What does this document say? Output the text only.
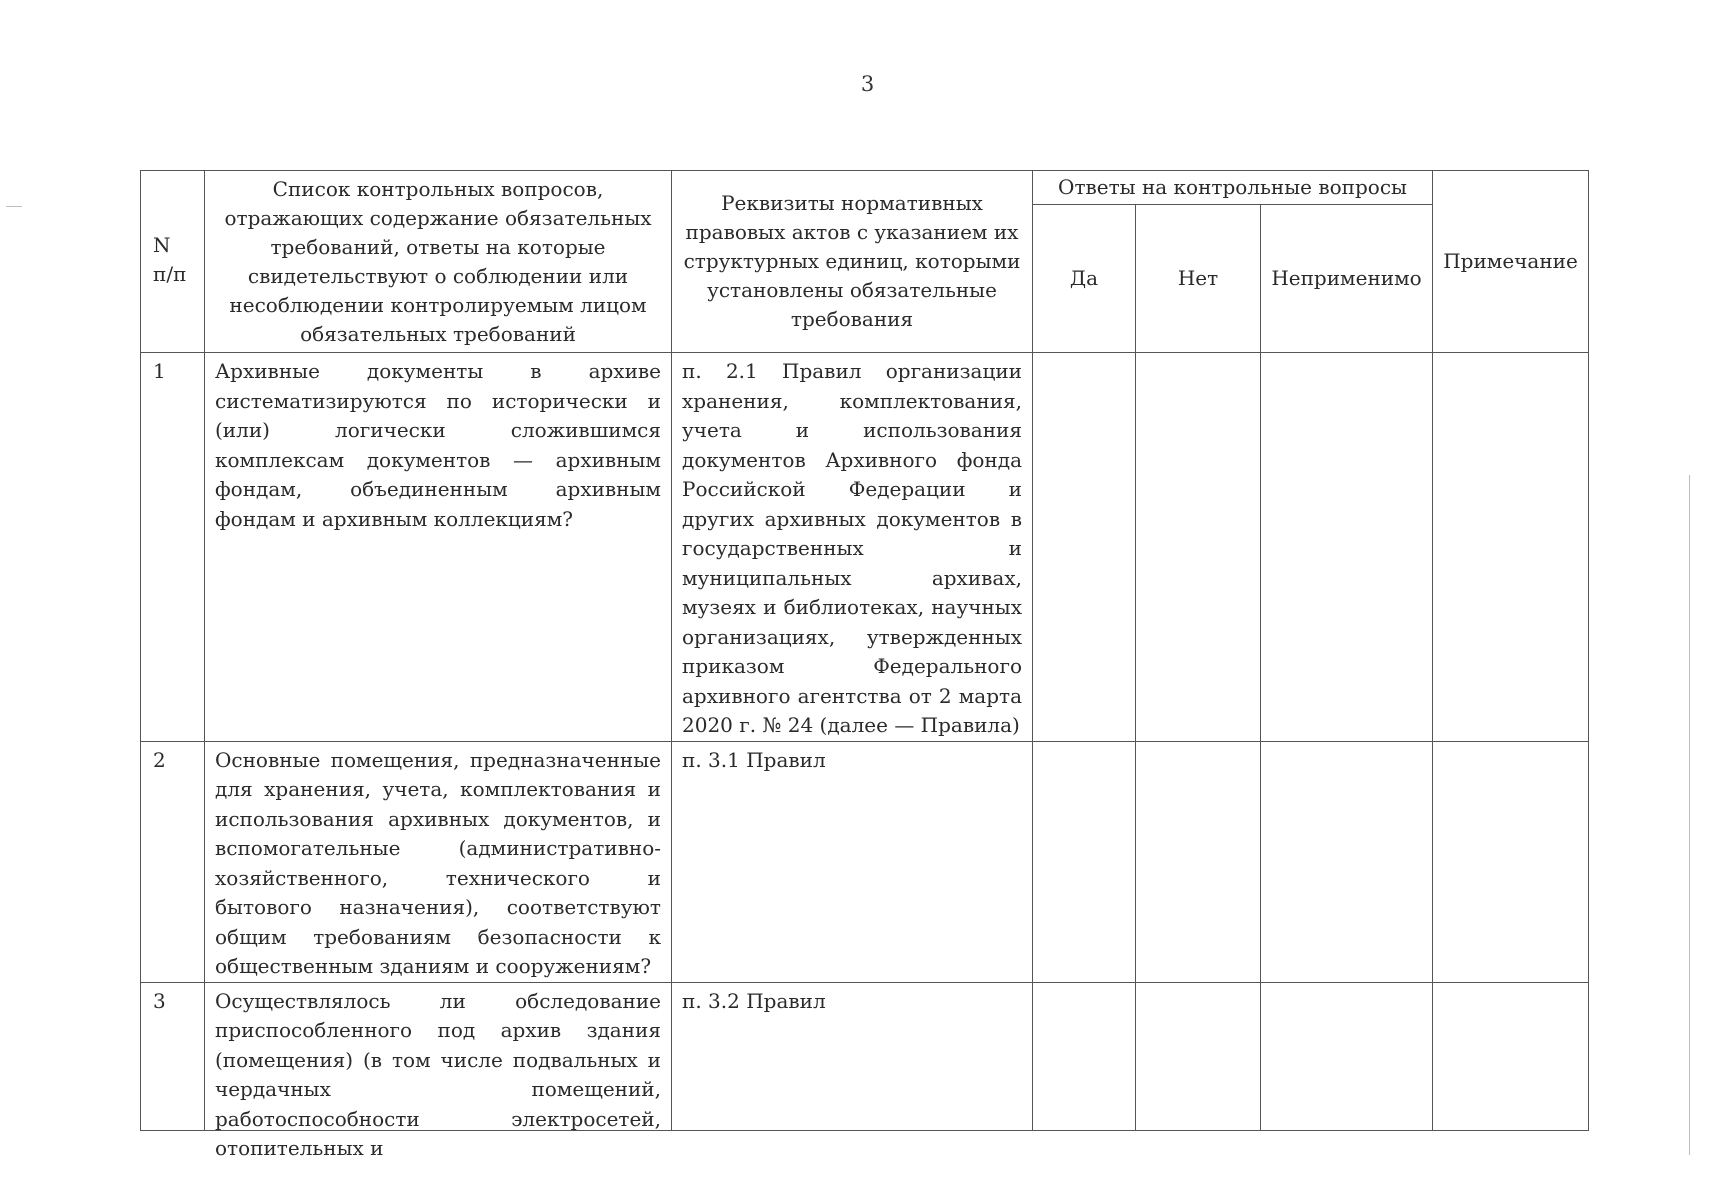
3
N п/п	Список контрольных вопросов, отражающих содержание обязательных требований, ответы на которые свидетельствуют о соблюдении или несоблюдении контролируемым лицом обязательных требований	Реквизиты нормативных правовых актов с указанием их структурных единиц, которыми установлены обязательные требования	Ответы на контрольные вопросы			Примечание
			Да	Нет	Неприменимо	
1	Архивные документы в архиве систематизируются по исторически и (или) логически сложившимся комплексам документов — архивным фондам, объединенным архивным фондам и архивным коллекциям?	п. 2.1 Правил организации хранения, комплектования, учета и использования документов Архивного фонда Российской Федерации и других архивных документов в государственных и муниципальных архивах, музеях и библиотеках, научных организациях, утвержденных приказом Федерального архивного агентства от 2 марта 2020 г. № 24 (далее — Правила)				
2	Основные помещения, предназначенные для хранения, учета, комплектования и использования архивных документов, и вспомогательные (административно-хозяйственного, технического и бытового назначения), соответствуют общим требованиям безопасности к общественным зданиям и сооружениям?	п. 3.1 Правил				
3	Осуществлялось ли обследование приспособленного под архив здания (помещения) (в том числе подвальных и чердачных помещений, работоспособности электросетей, отопительных и	п. 3.2 Правил				
